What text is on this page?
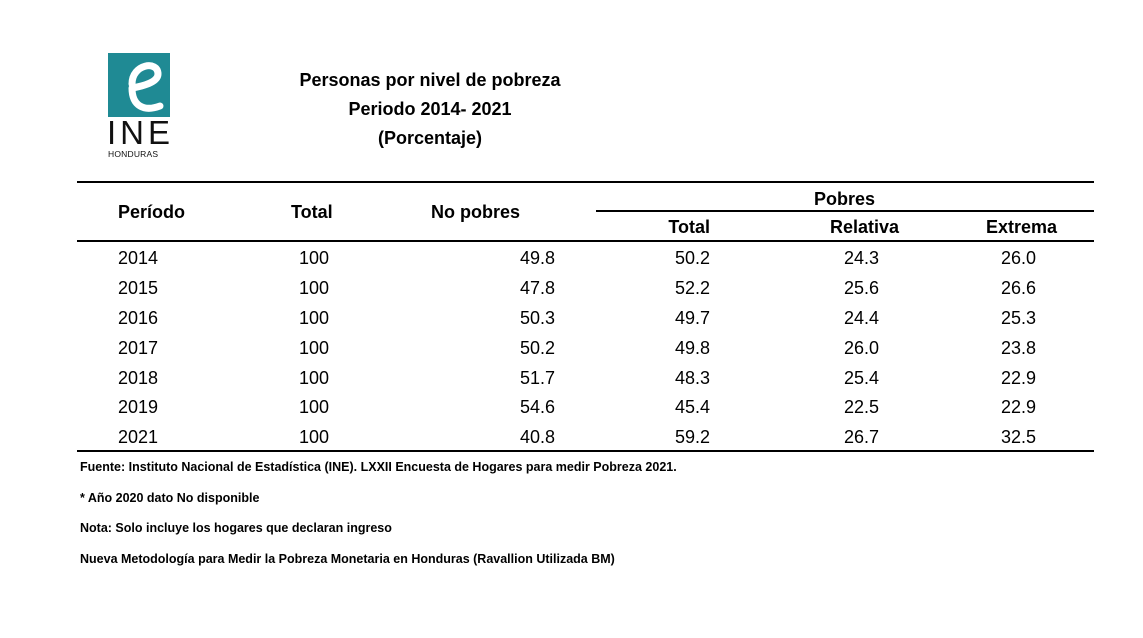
INE
HONDURAS
Personas por nivel de pobreza
Periodo 2014- 2021
(Porcentaje)
Período	Total	No pobres
Pobres
Total	Relativa	Extrema
2014	100	49.8	50.2	24.3	26.0
2015	100	47.8	52.2	25.6	26.6
2016	100	50.3	49.7	24.4	25.3
2017	100	50.2	49.8	26.0	23.8
2018	100	51.7	48.3	25.4	22.9
2019	100	54.6	45.4	22.5	22.9
2021	100	40.8	59.2	26.7	32.5
Fuente: Instituto Nacional de Estadística (INE). LXXII Encuesta de Hogares para medir Pobreza 2021.
* Año 2020 dato No disponible
Nota: Solo incluye los hogares que declaran ingreso
Nueva Metodología para Medir la Pobreza Monetaria en Honduras (Ravallion Utilizada BM)
